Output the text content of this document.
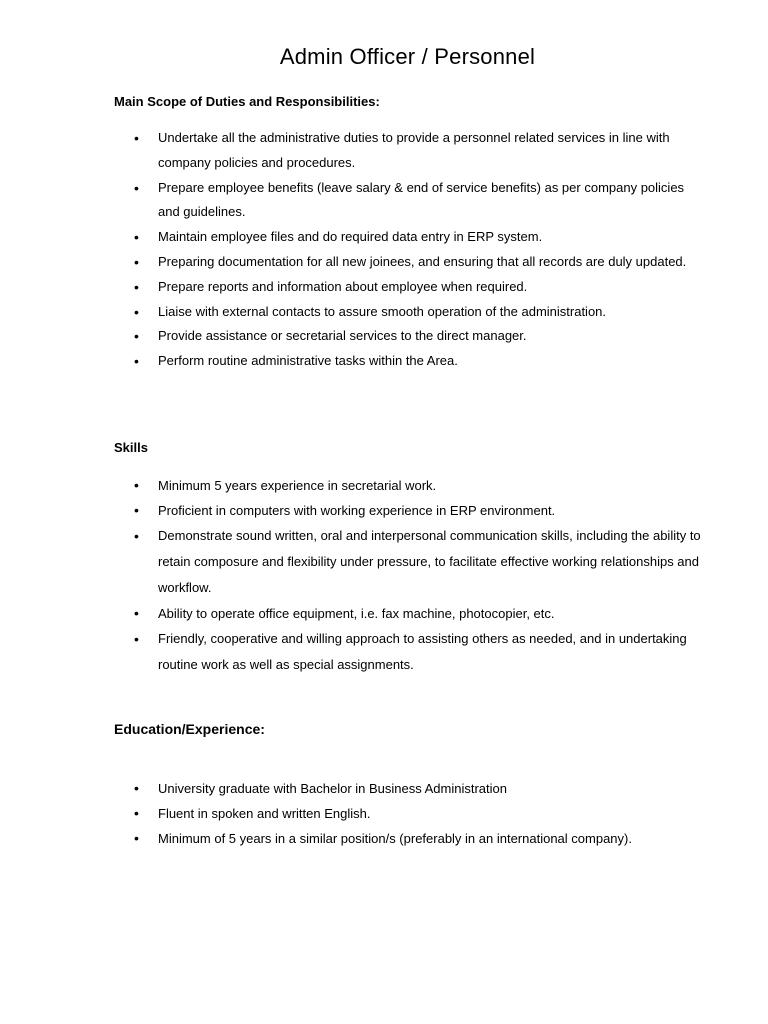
Admin Officer / Personnel
Main Scope of Duties and Responsibilities:
• Undertake all the administrative duties to provide a personnel related services in line with company policies and procedures.
• Prepare employee benefits (leave salary & end of service benefits) as per company policies and guidelines.
• Maintain employee files and do required data entry in ERP system.
• Preparing documentation for all new joinees, and ensuring that all records are duly updated.
• Prepare reports and information about employee when required.
• Liaise with external contacts to assure smooth operation of the administration.
• Provide assistance or secretarial services to the direct manager.
• Perform routine administrative tasks within the Area.
Skills
• Minimum 5 years experience in secretarial work.
• Proficient in computers with working experience in ERP environment.
• Demonstrate sound written, oral and interpersonal communication skills, including the ability to retain composure and flexibility under pressure, to facilitate effective working relationships and workflow.
• Ability to operate office equipment, i.e. fax machine, photocopier, etc.
• Friendly, cooperative and willing approach to assisting others as needed, and in undertaking routine work as well as special assignments.
Education/Experience:
• University graduate with Bachelor in Business Administration
• Fluent in spoken and written English.
• Minimum of 5 years in a similar position/s (preferably in an international company).
